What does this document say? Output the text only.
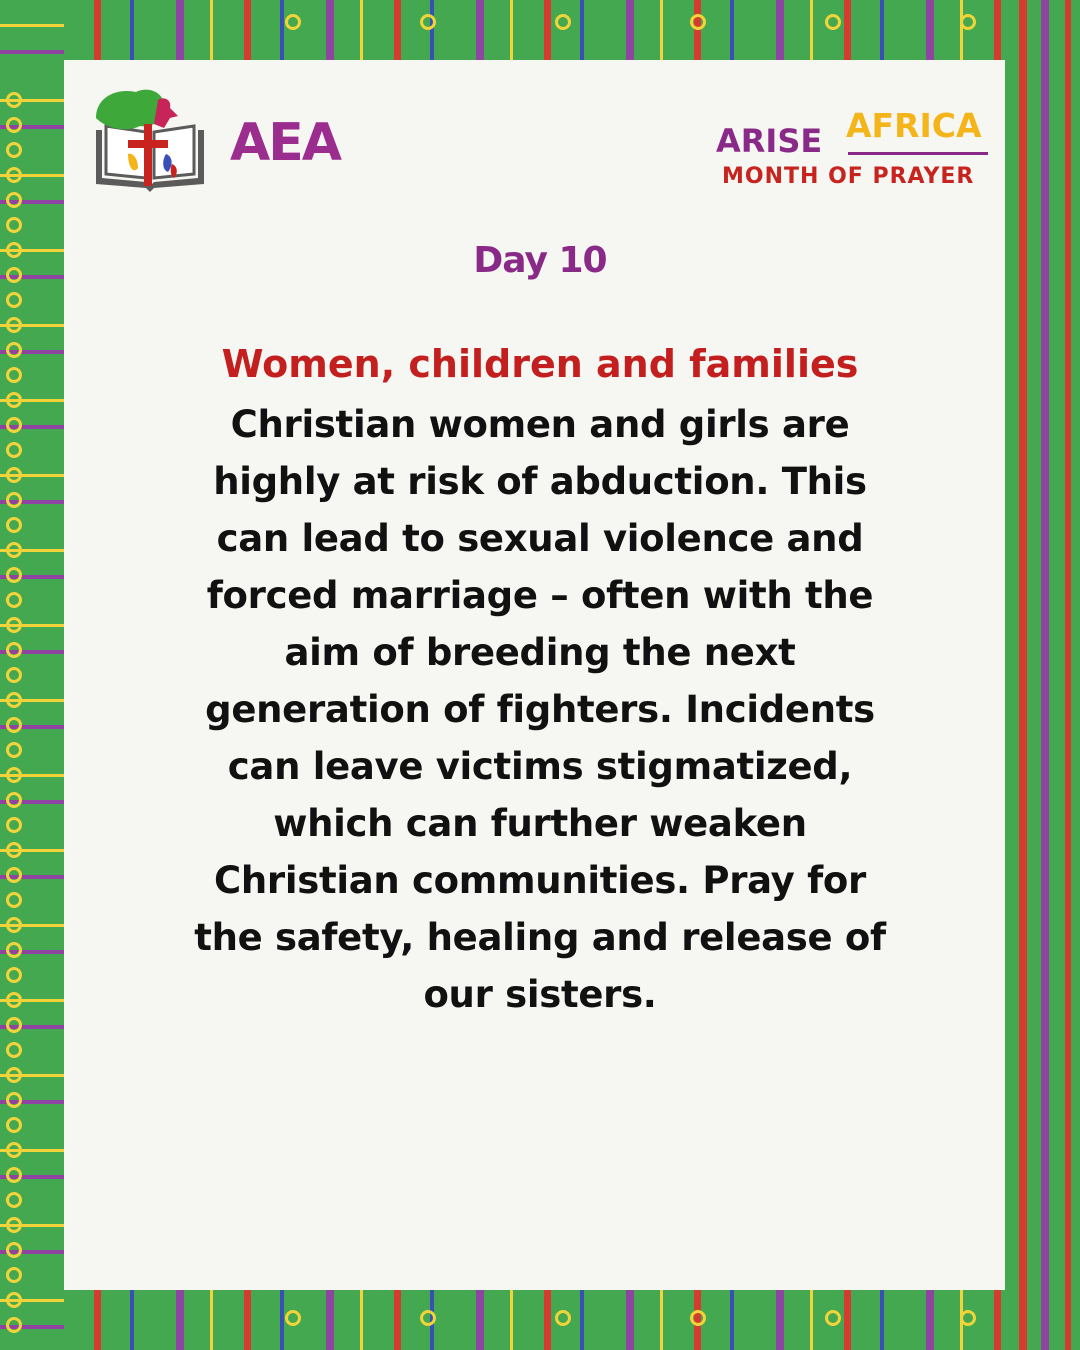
AEA	ARISE AFRICA
MONTH OF PRAYER
Day 10
Women, children and families
Christian women and girls are highly at risk of abduction. This can lead to sexual violence and forced marriage – often with the aim of breeding the next generation of fighters. Incidents can leave victims stigmatized, which can further weaken Christian communities. Pray for the safety, healing and release of our sisters.
